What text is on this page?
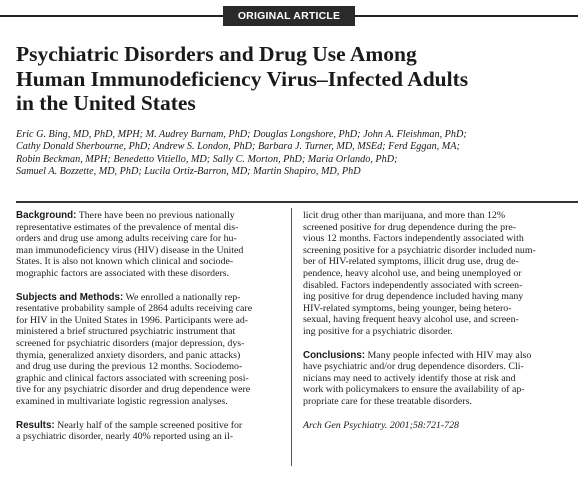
ORIGINAL ARTICLE
Psychiatric Disorders and Drug Use Among
Human Immunodeficiency Virus–Infected Adults
in the United States
Eric G. Bing, MD, PhD, MPH; M. Audrey Burnam, PhD; Douglas Longshore, PhD; John A. Fleishman, PhD;
Cathy Donald Sherbourne, PhD; Andrew S. London, PhD; Barbara J. Turner, MD, MSEd; Ferd Eggan, MA;
Robin Beckman, MPH; Benedetto Vitiello, MD; Sally C. Morton, PhD; Maria Orlando, PhD;
Samuel A. Bozzette, MD, PhD; Lucila Ortiz-Barron, MD; Martin Shapiro, MD, PhD

Background: There have been no previous nationally
representative estimates of the prevalence of mental dis-
orders and drug use among adults receiving care for hu-
man immunodeficiency virus (HIV) disease in the United
States. It is also not known which clinical and sociode-
mographic factors are associated with these disorders.

Subjects and Methods: We enrolled a nationally rep-
resentative probability sample of 2864 adults receiving care
for HIV in the United States in 1996. Participants were ad-
ministered a brief structured psychiatric instrument that
screened for psychiatric disorders (major depression, dys-
thymia, generalized anxiety disorders, and panic attacks)
and drug use during the previous 12 months. Sociodemo-
graphic and clinical factors associated with screening posi-
tive for any psychiatric disorder and drug dependence were
examined in multivariate logistic regression analyses.

Results: Nearly half of the sample screened positive for
a psychiatric disorder, nearly 40% reported using an il-

licit drug other than marijuana, and more than 12%
screened positive for drug dependence during the pre-
vious 12 months. Factors independently associated with
screening positive for a psychiatric disorder included num-
ber of HIV-related symptoms, illicit drug use, drug de-
pendence, heavy alcohol use, and being unemployed or
disabled. Factors independently associated with screen-
ing positive for drug dependence included having many
HIV-related symptoms, being younger, being hetero-
sexual, having frequent heavy alcohol use, and screen-
ing positive for a psychiatric disorder.

Conclusions: Many people infected with HIV may also
have psychiatric and/or drug dependence disorders. Cli-
nicians may need to actively identify those at risk and
work with policymakers to ensure the availability of ap-
propriate care for these treatable disorders.

Arch Gen Psychiatry. 2001;58:721-728
